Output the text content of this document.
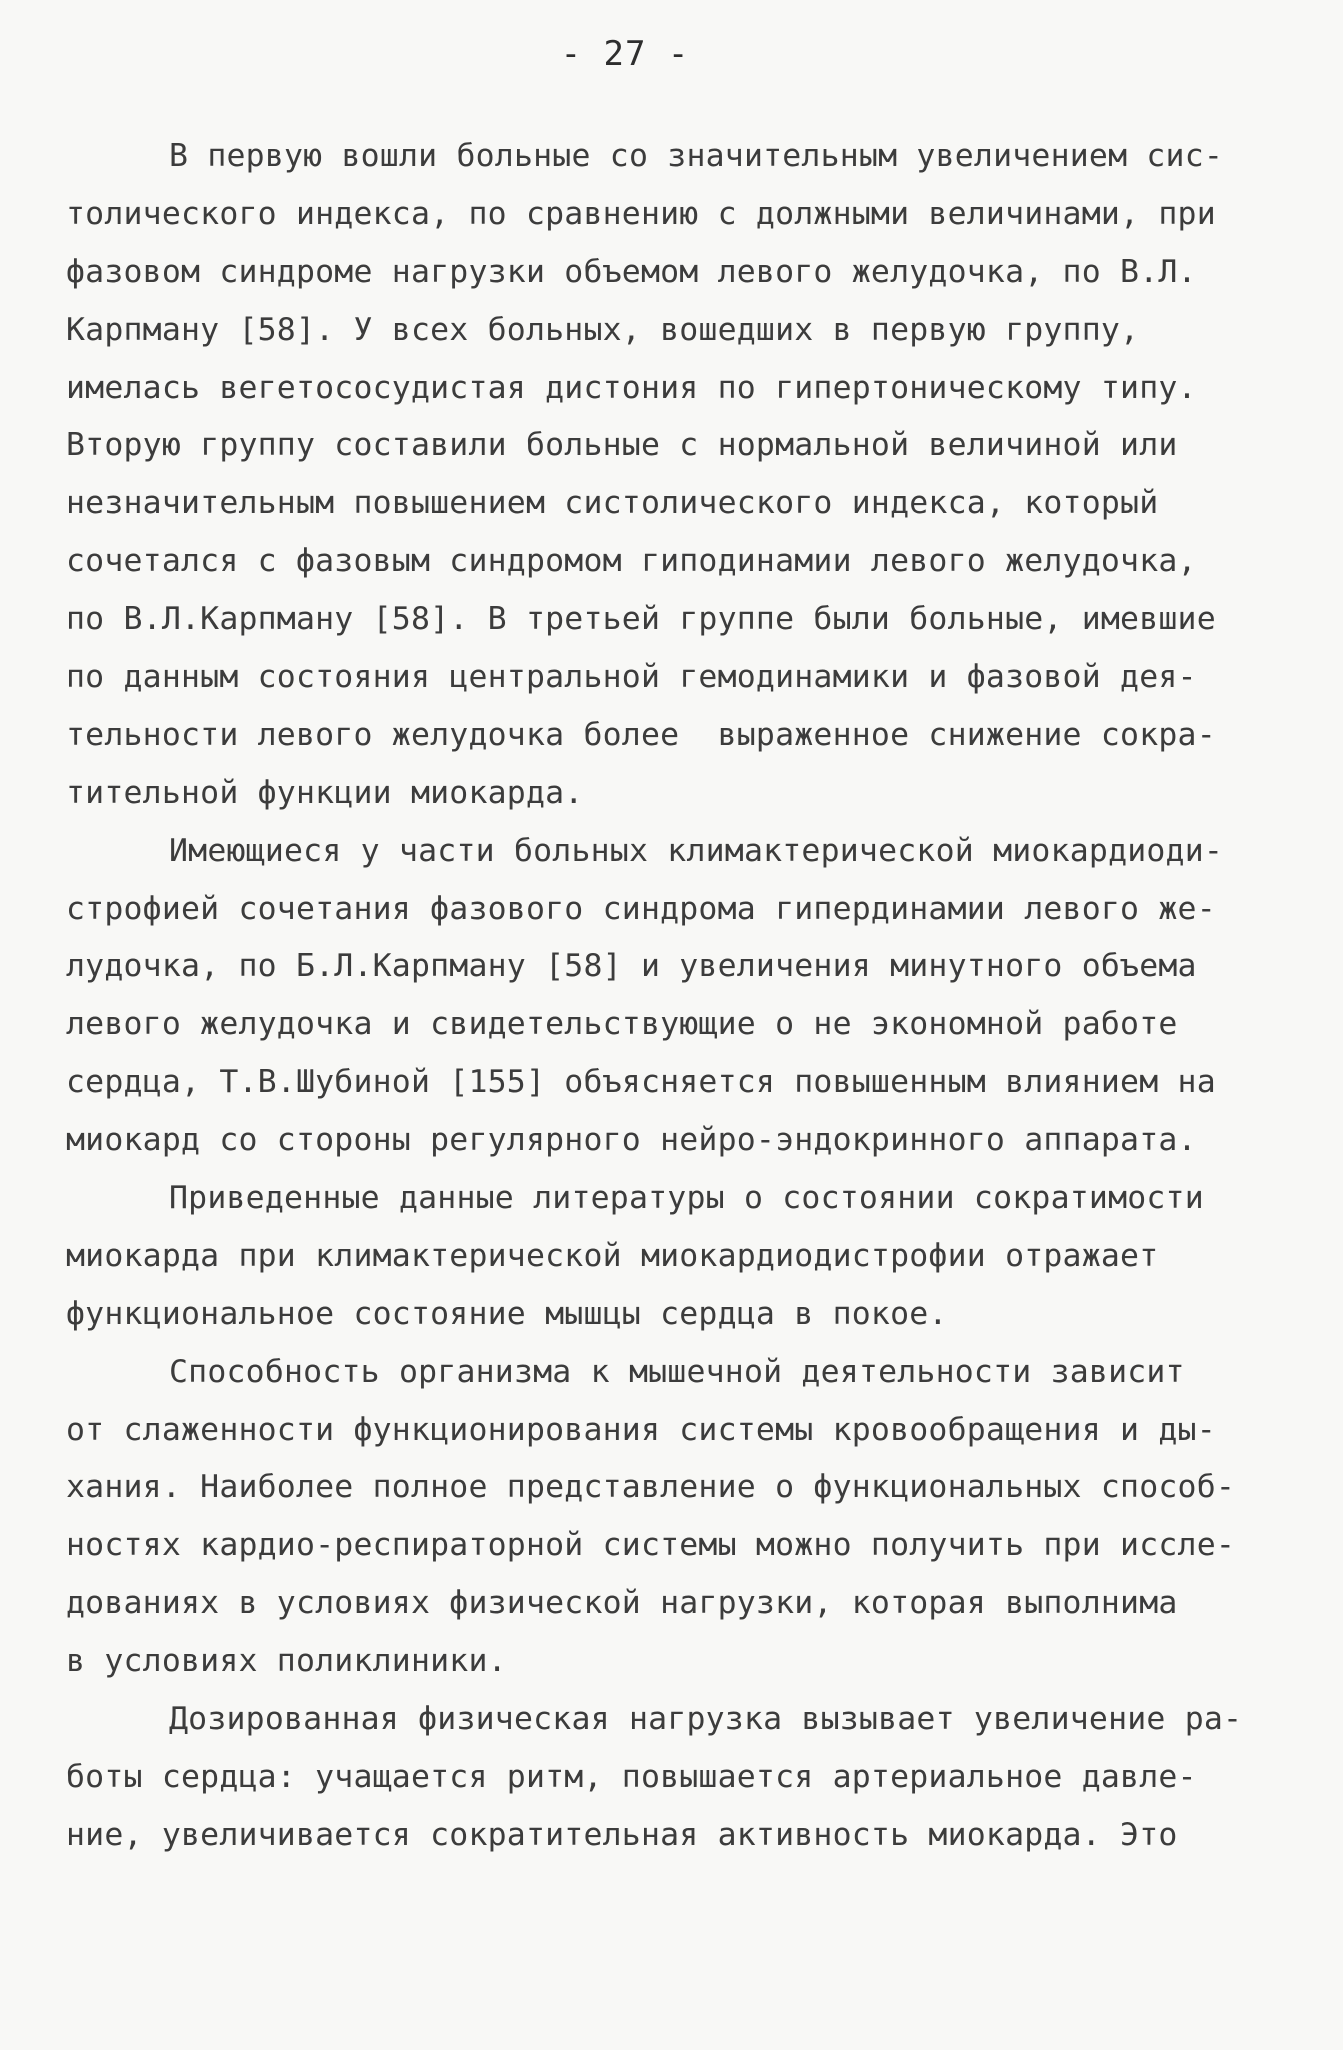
- 27 -
В первую вошли больные со значительным увеличением сис-
толического индекса, по сравнению с должными величинами, при
фазовом синдроме нагрузки объемом левого желудочка, по В.Л.
Карпману [58]. У всех больных, вошедших в первую группу,
имелась вегетососудистая дистония по гипертоническому типу.
Вторую группу составили больные с нормальной величиной или
незначительным повышением систолического индекса, который
сочетался с фазовым синдромом гиподинамии левого желудочка,
по В.Л.Карпману [58]. В третьей группе были больные, имевшие
по данным состояния центральной гемодинамики и фазовой дея-
тельности левого желудочка более  выраженное снижение сокра-
тительной функции миокарда.
Имеющиеся у части больных климактерической миокардиоди-
строфией сочетания фазового синдрома гипердинамии левого же-
лудочка, по Б.Л.Карпману [58] и увеличения минутного объема
левого желудочка и свидетельствующие о не экономной работе
сердца, Т.В.Шубиной [155] объясняется повышенным влиянием на
миокард со стороны регулярного нейро-эндокринного аппарата.
Приведенные данные литературы о состоянии сократимости
миокарда при климактерической миокардиодистрофии отражает
функциональное состояние мышцы сердца в покое.
Способность организма к мышечной деятельности зависит
от слаженности функционирования системы кровообращения и ды-
хания. Наиболее полное представление о функциональных способ-
ностях кардио-респираторной системы можно получить при иссле-
дованиях в условиях физической нагрузки, которая выполнима
в условиях поликлиники.
Дозированная физическая нагрузка вызывает увеличение ра-
боты сердца: учащается ритм, повышается артериальное давле-
ние, увеличивается сократительная активность миокарда. Это
